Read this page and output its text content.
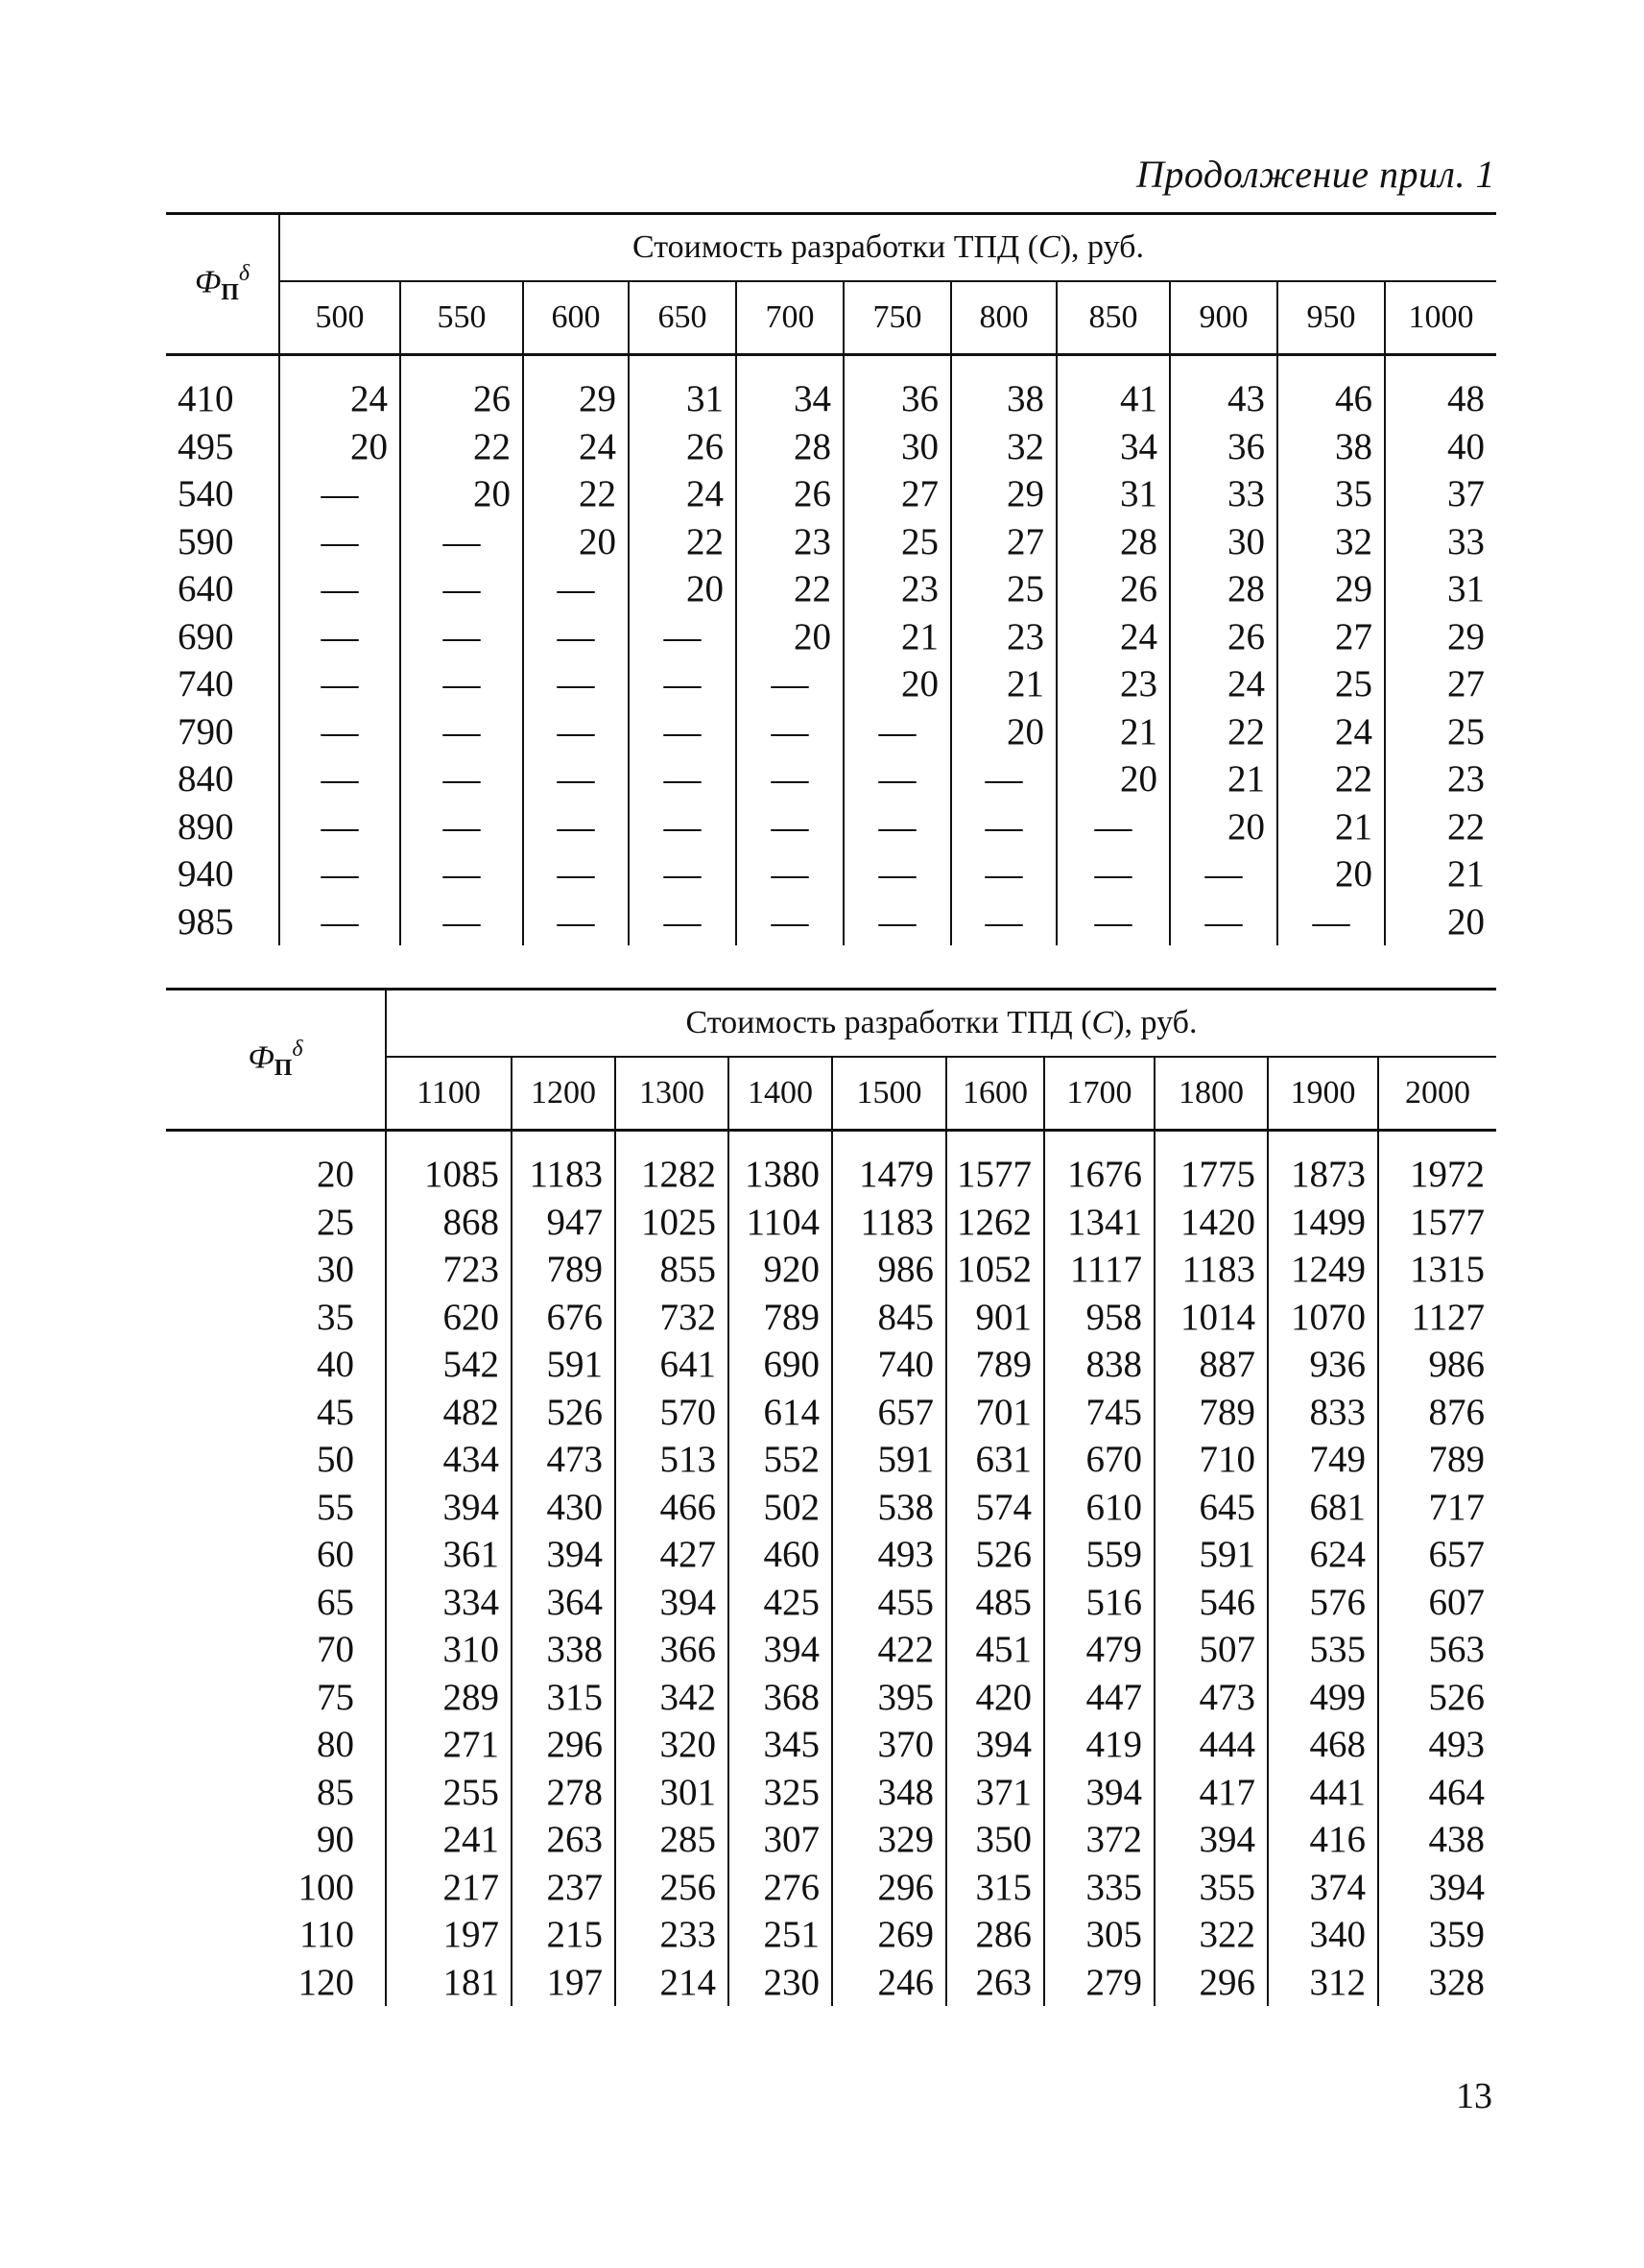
Продолжение прил. 1

$Ф_П^\delta$	Стоимость разработки ТПД (С), руб.										
	500	550	600	650	700	750	800	850	900	950	1000

410	24	26	29	31	34	36	38	41	43	46	48
495	20	22	24	26	28	30	32	34	36	38	40
540	—	20	22	24	26	27	29	31	33	35	37
590	—	—	20	22	23	25	27	28	30	32	33
640	—	—	—	20	22	23	25	26	28	29	31
690	—	—	—	—	20	21	23	24	26	27	29
740	—	—	—	—	—	20	21	23	24	25	27
790	—	—	—	—	—	—	20	21	22	24	25
840	—	—	—	—	—	—	—	20	21	22	23
890	—	—	—	—	—	—	—	—	20	21	22
940	—	—	—	—	—	—	—	—	—	20	21
985	—	—	—	—	—	—	—	—	—	—	20

$Ф_П^\delta$	Стоимость разработки ТПД (С), руб.									
	1100	1200	1300	1400	1500	1600	1700	1800	1900	2000

20	1085	1183	1282	1380	1479	1577	1676	1775	1873	1972
25	868	947	1025	1104	1183	1262	1341	1420	1499	1577
30	723	789	855	920	986	1052	1117	1183	1249	1315
35	620	676	732	789	845	901	958	1014	1070	1127
40	542	591	641	690	740	789	838	887	936	986
45	482	526	570	614	657	701	745	789	833	876
50	434	473	513	552	591	631	670	710	749	789
55	394	430	466	502	538	574	610	645	681	717
60	361	394	427	460	493	526	559	591	624	657
65	334	364	394	425	455	485	516	546	576	607
70	310	338	366	394	422	451	479	507	535	563
75	289	315	342	368	395	420	447	473	499	526
80	271	296	320	345	370	394	419	444	468	493
85	255	278	301	325	348	371	394	417	441	464
90	241	263	285	307	329	350	372	394	416	438
100	217	237	256	276	296	315	335	355	374	394
110	197	215	233	251	269	286	305	322	340	359
120	181	197	214	230	246	263	279	296	312	328
13
